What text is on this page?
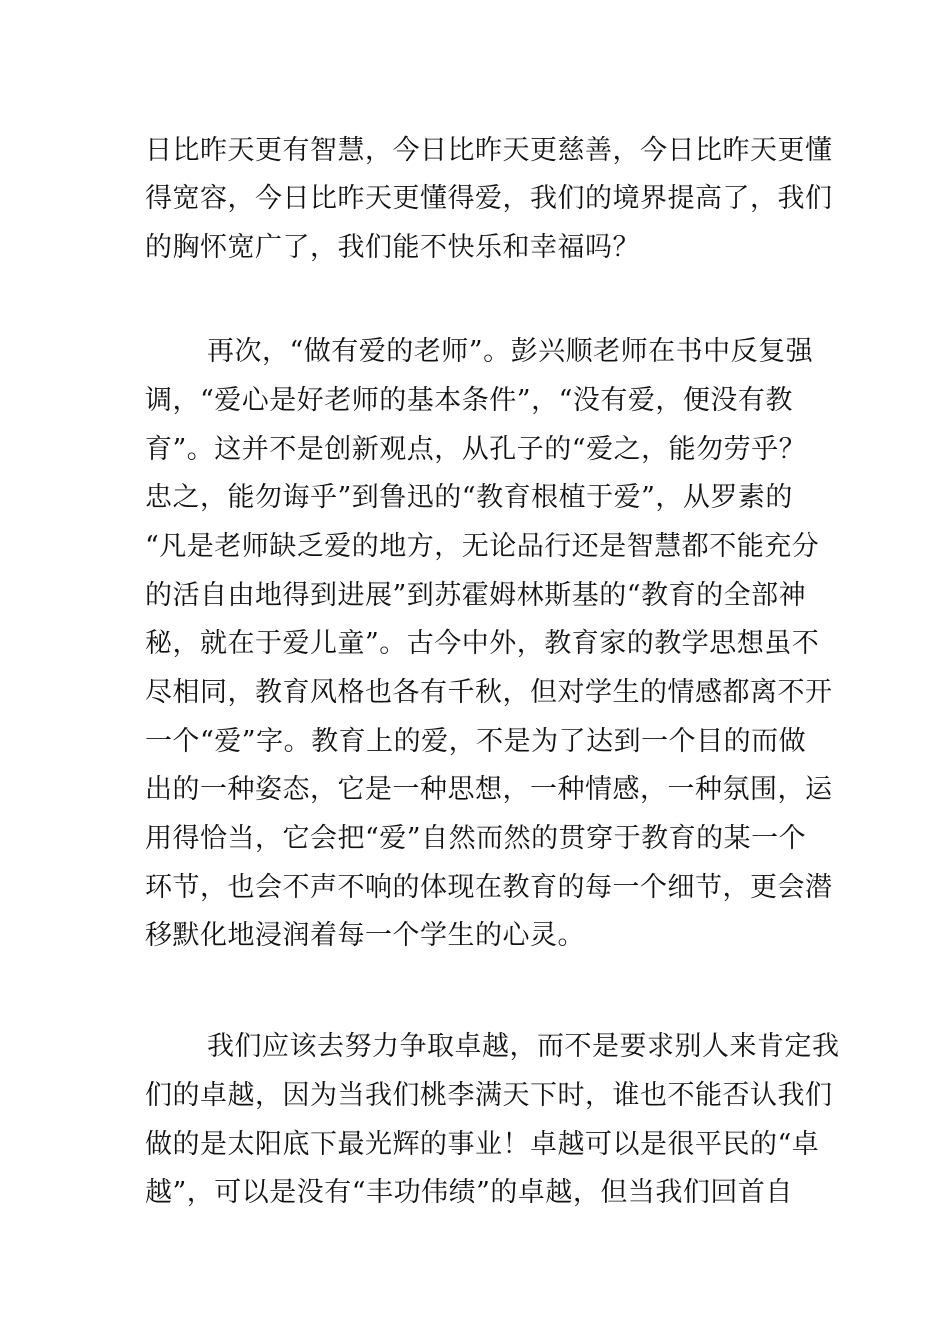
日比昨天更有智慧，今日比昨天更慈善，今日比昨天更懂
得宽容，今日比昨天更懂得爱，我们的境界提高了，我们
的胸怀宽广了，我们能不快乐和幸福吗？
再次，“做有爱的老师”。彭兴顺老师在书中反复强
调，“爱心是好老师的基本条件”，“没有爱，便没有教
育”。这并不是创新观点，从孔子的“爱之，能勿劳乎？
忠之，能勿诲乎”到鲁迅的“教育根植于爱”，从罗素的
“凡是老师缺乏爱的地方，无论品行还是智慧都不能充分
的活自由地得到进展”到苏霍姆林斯基的“教育的全部神
秘，就在于爱儿童”。古今中外，教育家的教学思想虽不
尽相同，教育风格也各有千秋，但对学生的情感都离不开
一个“爱”字。教育上的爱，不是为了达到一个目的而做
出的一种姿态，它是一种思想，一种情感，一种氛围，运
用得恰当，它会把“爱”自然而然的贯穿于教育的某一个
环节，也会不声不响的体现在教育的每一个细节，更会潜
移默化地浸润着每一个学生的心灵。
我们应该去努力争取卓越，而不是要求别人来肯定我
们的卓越，因为当我们桃李满天下时，谁也不能否认我们
做的是太阳底下最光辉的事业！卓越可以是很平民的“卓
越”，可以是没有“丰功伟绩”的卓越，但当我们回首自
